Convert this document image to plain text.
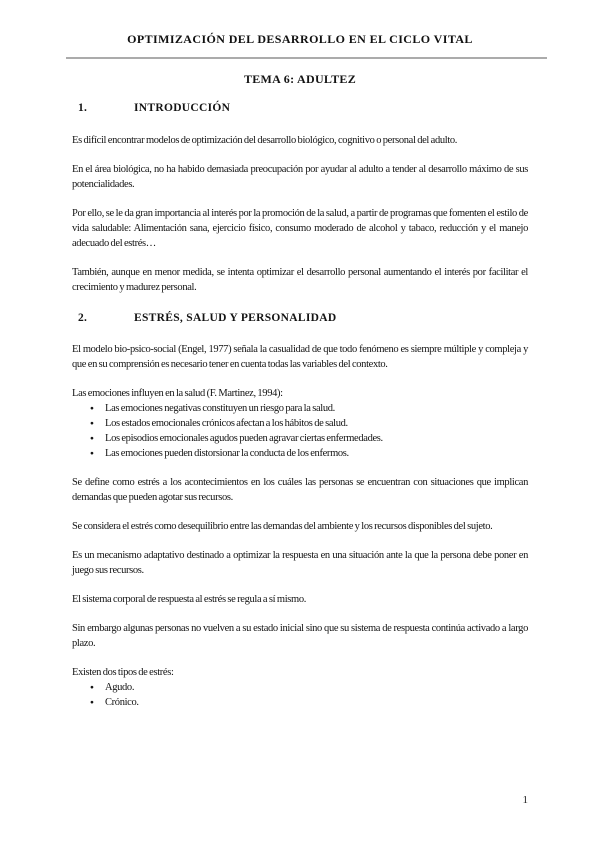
OPTIMIZACIÓN DEL DESARROLLO EN EL CICLO VITAL
TEMA 6: ADULTEZ
1.	INTRODUCCIÓN

Es difícil encontrar modelos de optimización del desarrollo biológico, cognitivo o personal del adulto.

En el área biológica, no ha habido demasiada preocupación por ayudar al adulto a tender al desarrollo máximo de sus potencialidades.

Por ello, se le da gran importancia al interés por la promoción de la salud, a partir de programas que fomenten el estilo de vida saludable: Alimentación sana, ejercicio físico, consumo moderado de alcohol y tabaco, reducción y el manejo adecuado del estrés…

También, aunque en menor medida, se intenta optimizar el desarrollo personal aumentando el interés por facilitar el crecimiento y madurez personal.

2.	ESTRÉS, SALUD Y PERSONALIDAD

El modelo bio-psico-social (Engel, 1977) señala la casualidad de que todo fenómeno es siempre múltiple y compleja y que en su comprensión es necesario tener en cuenta todas las variables del contexto.

Las emociones influyen en la salud (F. Martinez, 1994):

●	Las emociones negativas constituyen un riesgo para la salud.
●	Los estados emocionales crónicos afectan a los hábitos de salud.
●	Los episodios emocionales agudos pueden agravar ciertas enfermedades.
●	Las emociones pueden distorsionar la conducta de los enfermos.

Se define como estrés a los acontecimientos en los cuáles las personas se encuentran con situaciones que implican demandas que pueden agotar sus recursos.

Se considera el estrés como desequilibrio entre las demandas del ambiente y los recursos disponibles del sujeto.

Es un mecanismo adaptativo destinado a optimizar la respuesta en una situación ante la que la persona debe poner en juego sus recursos.

El sistema corporal de respuesta al estrés se regula a sí mismo.

Sin embargo algunas personas no vuelven a su estado inicial sino que su sistema de respuesta continúa activado a largo plazo.

Existen dos tipos de estrés:

●	Agudo.
●	Crónico.
1
